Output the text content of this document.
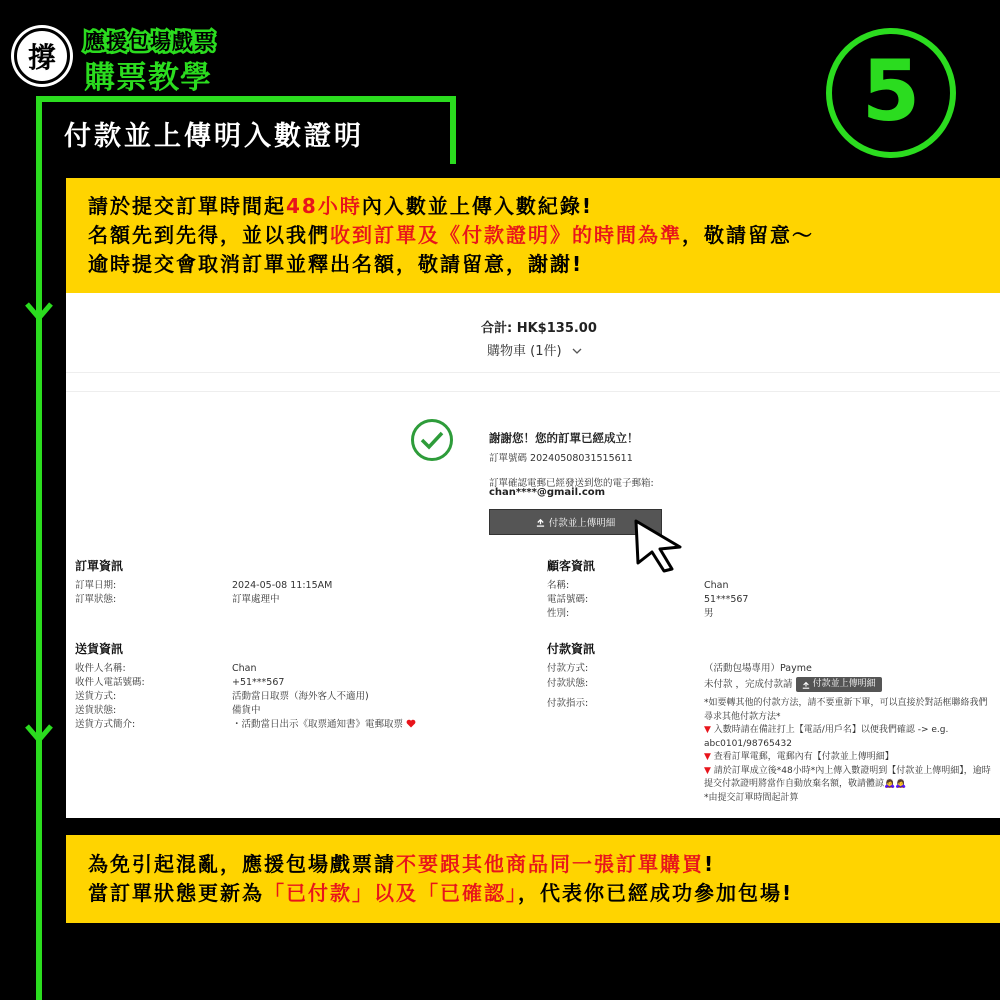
撐 應援包場戲票
購票教學	5
付款並上傳明入數證明
請於提交訂單時間起48小時內入數並上傳入數紀錄!
名額先到先得，並以我們收到訂單及《付款證明》的時間為準，敬請留意～
逾時提交會取消訂單並釋出名額，敬請留意，謝謝!
合計: HK$135.00
購物車 (1件)
謝謝您！您的訂單已經成立！
訂單號碼 20240508031515611
訂單確認電郵已經發送到您的電子郵箱:
chan****@gmail.com
付款並上傳明細
訂單資訊
訂單日期:	2024-05-08 11:15AM
訂單狀態:	訂單處理中
顧客資訊
名稱:	Chan
電話號碼:	51***567
性別:	男
送貨資訊
收件人名稱:	Chan
收件人電話號碼:	+51***567
送貨方式:	活動當日取票（海外客人不適用)
送貨狀態:	備貨中
送貨方式簡介:	・活動當日出示《取票通知書》電郵取票
付款資訊
付款方式:	（活動包場專用）Payme
付款狀態:	未付款 ，完成付款請 付款並上傳明細
付款指示:	*如要轉其他的付款方法，請不要重新下單，可以直接於對話框聯絡我們尋求其他付款方法*
▼ 入數時請在備註打上【電話/用戶名】以便我們確認 -> e.g. abc0101/98765432
▼ 查看訂單電郵，電郵內有【付款並上傳明細】
▼ 請於訂單成立後*48小時*內上傳入數證明到【付款並上傳明細】，逾時提交付款證明將當作自動放棄名額，敬請體諒🙇‍♀️🙇‍♀️
*由提交訂單時間起計算
為免引起混亂，應援包場戲票請不要跟其他商品同一張訂單購買!
當訂單狀態更新為「已付款」以及「已確認」，代表你已經成功參加包場!
